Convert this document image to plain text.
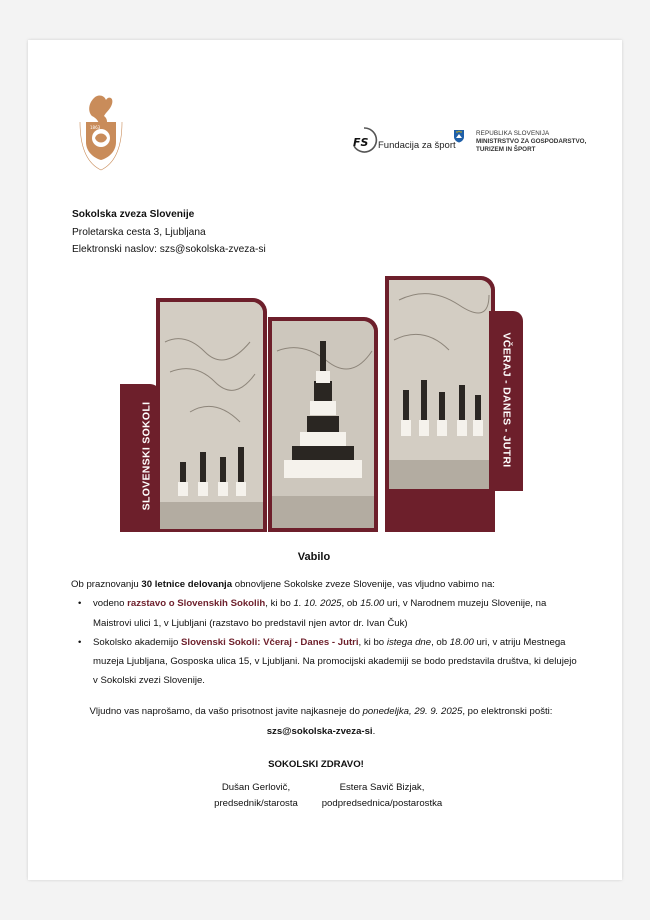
1863
FS Fundacija za šport
REPUBLIKA SLOVENIJA
MINISTRSTVO ZA GOSPODARSTVO,
TURIZEM IN ŠPORT
Sokolska zveza Slovenije
Proletarska cesta 3, Ljubljana
Elektronski naslov: szs@sokolska-zveza-si
SLOVENSKI SOKOLI	VČERAJ - DANES - JUTRI
Vabilo

Ob praznovanju 30 letnice delovanja obnovljene Sokolske zveze Slovenije, vas vljudno vabimo na:

• vodeno razstavo o Slovenskih Sokolih, ki bo 1. 10. 2025, ob 15.00 uri, v Narodnem muzeju Slovenije, na Maistrovi ulici 1, v Ljubljani (razstavo bo predstavil njen avtor dr. Ivan Čuk)
• Sokolsko akademijo Slovenski Sokoli: Včeraj - Danes - Jutri, ki bo istega dne, ob 18.00 uri, v atriju Mestnega muzeja Ljubljana, Gosposka ulica 15, v Ljubljani. Na promocijski akademiji se bodo predstavila društva, ki delujejo v Sokolski zvezi Slovenije.

Vljudno vas naprošamo, da vašo prisotnost javite najkasneje do ponedeljka, 29. 9. 2025, po elektronski pošti:
szs@sokolska-zveza-si.

SOKOLSKI ZDRAVO!

Dušan Gerlovič,
predsednik/starosta
Estera Savič Bizjak,
podpredsednica/postarostka
